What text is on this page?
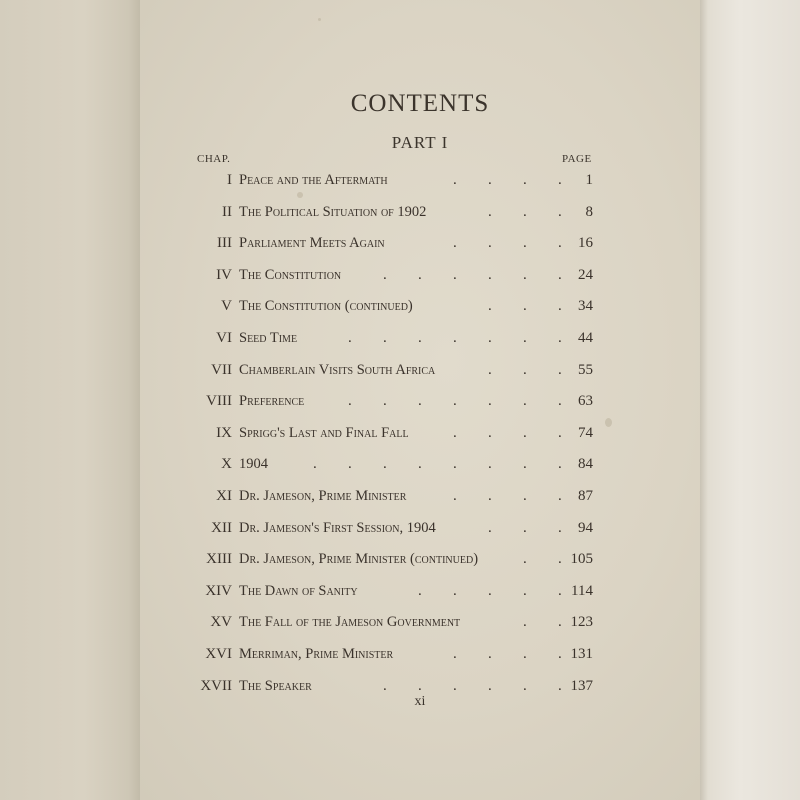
CONTENTS
PART I
CHAP.	PAGE
I Peace and the Aftermath	1
. . . .
II The Political Situation of 1902	8
. . .
III Parliament Meets Again	16
. . . .
IV The Constitution	24
. . . . . .
V The Constitution (continued)	34
. . .
VI Seed Time	44
. . . . . . .
VII Chamberlain Visits South Africa	55
. . .
VIII Preference	63
. . . . . . .
IX Sprigg's Last and Final Fall	74
. . . .
X 1904	84
. . . . . . . .
XI Dr. Jameson, Prime Minister	87
. . . .
XII Dr. Jameson's First Session, 1904	94
. . .
XIII Dr. Jameson, Prime Minister (continued)	105
. .
XIV The Dawn of Sanity	114
. . . . .
XV The Fall of the Jameson Government	123
. .
XVI Merriman, Prime Minister	131
. . . .
XVII The Speaker	137
. . . . . .
xi
